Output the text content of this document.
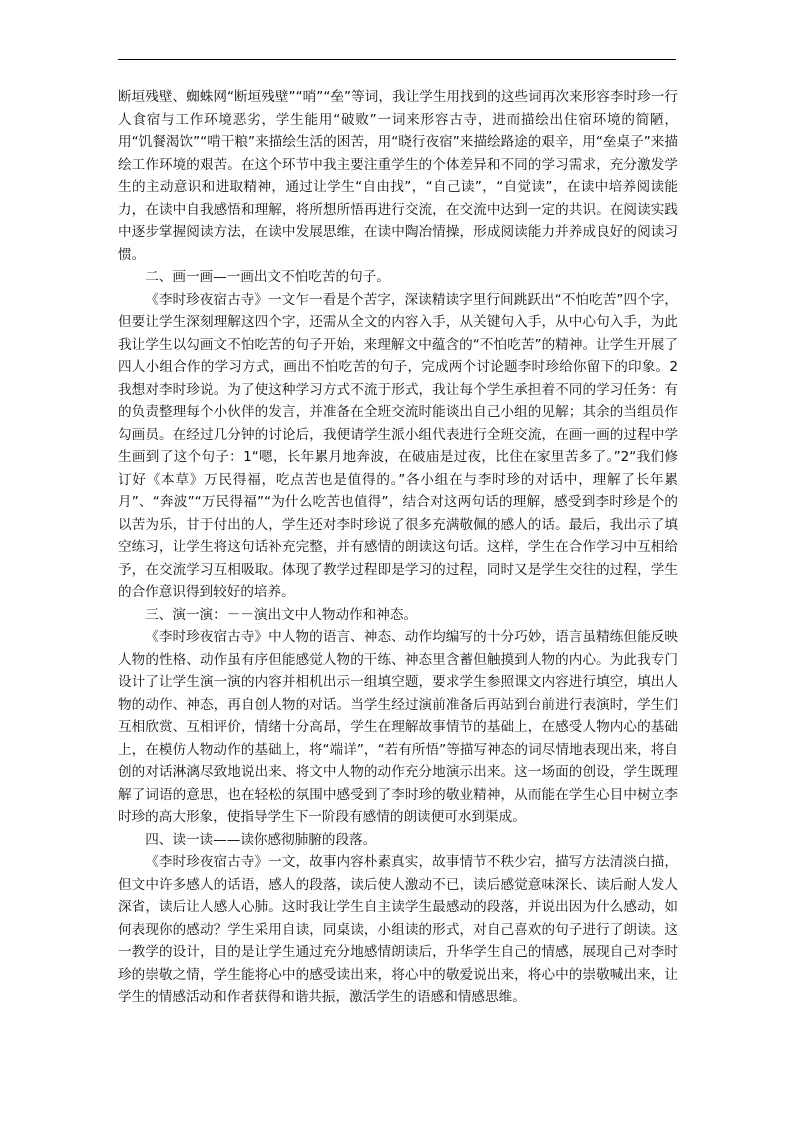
断垣残壁、蜘蛛网“断垣残壁”“哨”“垒”等词，我让学生用找到的这些词再次来形容李时珍一行人食宿与工作环境恶劣，学生能用“破败”一词来形容古寺，进而描绘出住宿环境的简陋，用“饥餐渴饮”“啃干粮”来描绘生活的困苦，用“晓行夜宿”来描绘路途的艰辛，用“垒桌子”来描绘工作环境的艰苦。在这个环节中我主要注重学生的个体差异和不同的学习需求，充分激发学生的主动意识和进取精神，通过让学生“自由找”，“自己读”，“自觉读”，在读中培养阅读能力，在读中自我感悟和理解，将所想所悟再进行交流，在交流中达到一定的共识。在阅读实践中逐步掌握阅读方法，在读中发展思维，在读中陶冶情操，形成阅读能力并养成良好的阅读习惯。

二、画一画—一画出文不怕吃苦的句子。

《李时珍夜宿古寺》一文乍一看是个苦字，深读精读字里行间跳跃出“不怕吃苦”四个字，但要让学生深刻理解这四个字，还需从全文的内容入手，从关键句入手，从中心句入手，为此我让学生以勾画文不怕吃苦的句子开始，来理解文中蕴含的“不怕吃苦”的精神。让学生开展了四人小组合作的学习方式，画出不怕吃苦的句子，完成两个讨论题李时珍给你留下的印象。2我想对李时珍说。为了使这种学习方式不流于形式，我让每个学生承担着不同的学习任务：有的负责整理每个小伙伴的发言，并准备在全班交流时能谈出自己小组的见解；其余的当组员作勾画员。在经过几分钟的讨论后，我便请学生派小组代表进行全班交流，在画一画的过程中学生画到了这个句子：1“嗯，长年累月地奔波，在破庙是过夜，比住在家里苦多了。”2“我们修订好《本草》万民得福，吃点苦也是值得的。”各小组在与李时珍的对话中，理解了长年累月”、“奔波”“万民得福”“为什么吃苦也值得”，结合对这两句话的理解，感受到李时珍是个的以苦为乐，甘于付出的人，学生还对李时珍说了很多充满敬佩的感人的话。最后，我出示了填空练习，让学生将这句话补充完整，并有感情的朗读这句话。这样，学生在合作学习中互相给予，在交流学习互相吸取。体现了教学过程即是学习的过程，同时又是学生交往的过程，学生的合作意识得到较好的培养。

三、演一演：－－演出文中人物动作和神态。

《李时珍夜宿古寺》中人物的语言、神态、动作均编写的十分巧妙，语言虽精练但能反映人物的性格、动作虽有序但能感觉人物的干练、神态里含蓄但触摸到人物的内心。为此我专门设计了让学生演一演的内容并相机出示一组填空题，要求学生参照课文内容进行填空，填出人物的动作、神态，再自创人物的对话。当学生经过演前准备后再站到台前进行表演时，学生们互相欣赏、互相评价，情绪十分高昂，学生在理解故事情节的基础上，在感受人物内心的基础上，在模仿人物动作的基础上，将“端详”，“若有所悟”等描写神态的词尽情地表现出来，将自创的对话淋漓尽致地说出来、将文中人物的动作充分地演示出来。这一场面的创设，学生既理解了词语的意思，也在轻松的氛围中感受到了李时珍的敬业精神，从而能在学生心目中树立李时珍的高大形象，使指导学生下一阶段有感情的朗读便可水到渠成。

四、读一读——读你感彻肺腑的段落。

《李时珍夜宿古寺》一文，故事内容朴素真实，故事情节不秩少宕，描写方法清淡白描，但文中许多感人的话语，感人的段落，读后使人激动不已，读后感觉意味深长、读后耐人发人深省，读后让人感人心肺。这时我让学生自主读学生最感动的段落，并说出因为什么感动，如何表现你的感动？学生采用自读，同桌读，小组读的形式，对自己喜欢的句子进行了朗读。这一教学的设计，目的是让学生通过充分地感情朗读后，升华学生自己的情感，展现自己对李时珍的崇敬之情，学生能将心中的感受读出来，将心中的敬爱说出来，将心中的崇敬喊出来，让学生的情感活动和作者获得和谐共振，激活学生的语感和情感思维。
